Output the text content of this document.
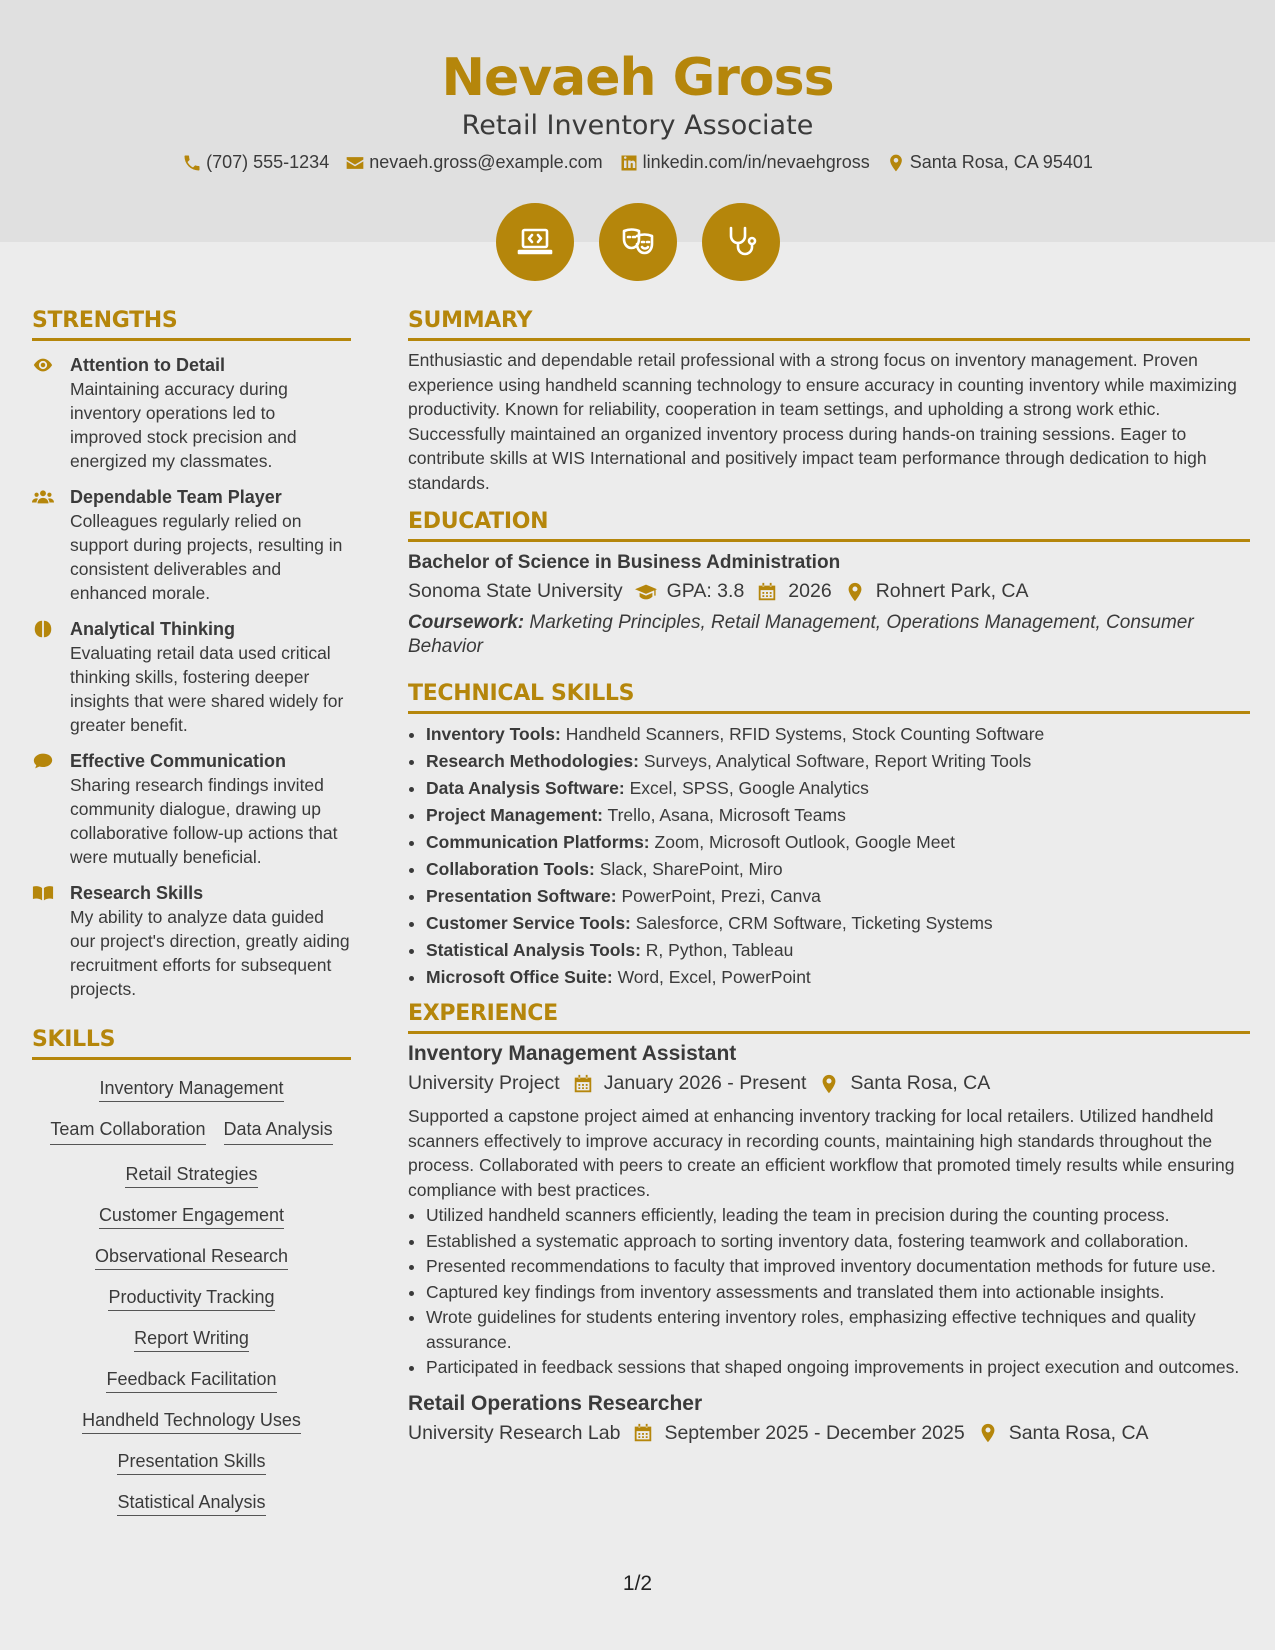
Nevaeh Gross
Retail Inventory Associate
(707) 555-1234 nevaeh.gross@example.com linkedin.com/in/nevaehgross Santa Rosa, CA 95401
STRENGTHS
Attention to Detail
Maintaining accuracy during inventory operations led to improved stock precision and energized my classmates.
Dependable Team Player
Colleagues regularly relied on support during projects, resulting in consistent deliverables and enhanced morale.
Analytical Thinking
Evaluating retail data used critical thinking skills, fostering deeper insights that were shared widely for greater benefit.
Effective Communication
Sharing research findings invited community dialogue, drawing up collaborative follow-up actions that were mutually beneficial.
Research Skills
My ability to analyze data guided our project's direction, greatly aiding recruitment efforts for subsequent projects.
SKILLS
Inventory Management
Team Collaboration Data Analysis
Retail Strategies
Customer Engagement
Observational Research
Productivity Tracking
Report Writing
Feedback Facilitation
Handheld Technology Uses
Presentation Skills
Statistical Analysis
SUMMARY
Enthusiastic and dependable retail professional with a strong focus on inventory management. Proven experience using handheld scanning technology to ensure accuracy in counting inventory while maximizing productivity. Known for reliability, cooperation in team settings, and upholding a strong work ethic. Successfully maintained an organized inventory process during hands-on training sessions. Eager to contribute skills at WIS International and positively impact team performance through dedication to high standards.
EDUCATION
Bachelor of Science in Business Administration
Sonoma State University GPA: 3.8 2026 Rohnert Park, CA
Coursework: Marketing Principles, Retail Management, Operations Management, Consumer Behavior
TECHNICAL SKILLS
• Inventory Tools: Handheld Scanners, RFID Systems, Stock Counting Software
• Research Methodologies: Surveys, Analytical Software, Report Writing Tools
• Data Analysis Software: Excel, SPSS, Google Analytics
• Project Management: Trello, Asana, Microsoft Teams
• Communication Platforms: Zoom, Microsoft Outlook, Google Meet
• Collaboration Tools: Slack, SharePoint, Miro
• Presentation Software: PowerPoint, Prezi, Canva
• Customer Service Tools: Salesforce, CRM Software, Ticketing Systems
• Statistical Analysis Tools: R, Python, Tableau
• Microsoft Office Suite: Word, Excel, PowerPoint
EXPERIENCE
Inventory Management Assistant
University Project January 2026 - Present Santa Rosa, CA
Supported a capstone project aimed at enhancing inventory tracking for local retailers. Utilized handheld scanners effectively to improve accuracy in recording counts, maintaining high standards throughout the process. Collaborated with peers to create an efficient workflow that promoted timely results while ensuring compliance with best practices.
• Utilized handheld scanners efficiently, leading the team in precision during the counting process.
• Established a systematic approach to sorting inventory data, fostering teamwork and collaboration.
• Presented recommendations to faculty that improved inventory documentation methods for future use.
• Captured key findings from inventory assessments and translated them into actionable insights.
• Wrote guidelines for students entering inventory roles, emphasizing effective techniques and quality assurance.
• Participated in feedback sessions that shaped ongoing improvements in project execution and outcomes.
Retail Operations Researcher
University Research Lab September 2025 - December 2025 Santa Rosa, CA
1/2
